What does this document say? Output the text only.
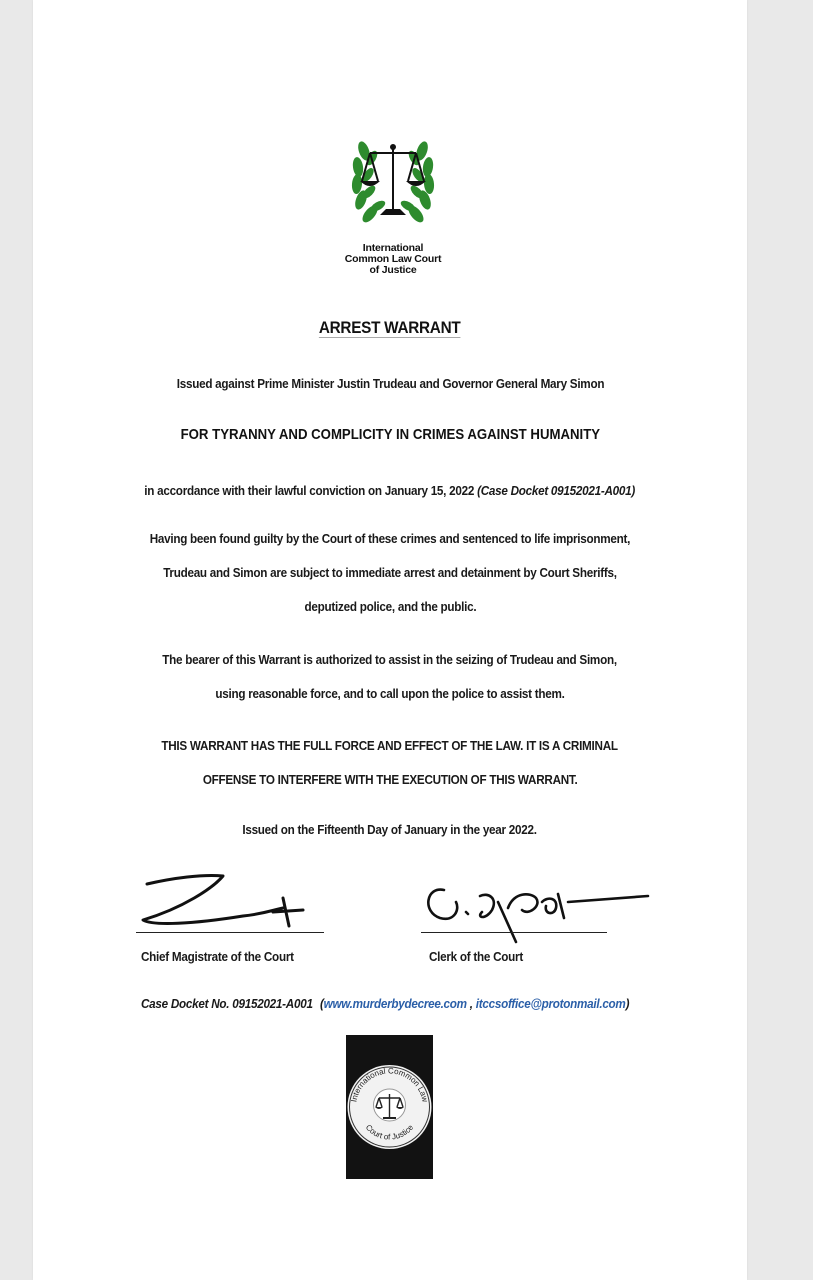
International
Common Law Court
of Justice
ARREST WARRANT
Issued against Prime Minister Justin Trudeau and Governor General Mary Simon
FOR TYRANNY AND COMPLICITY IN CRIMES AGAINST HUMANITY
in accordance with their lawful conviction on January 15, 2022 (Case Docket 09152021-A001)
Having been found guilty by the Court of these crimes and sentenced to life imprisonment,
Trudeau and Simon are subject to immediate arrest and detainment by Court Sheriffs,
deputized police, and the public.
The bearer of this Warrant is authorized to assist in the seizing of Trudeau and Simon,
using reasonable force, and to call upon the police to assist them.
THIS WARRANT HAS THE FULL FORCE AND EFFECT OF THE LAW. IT IS A CRIMINAL
OFFENSE TO INTERFERE WITH THE EXECUTION OF THIS WARRANT.
Issued on the Fifteenth Day of January in the year 2022.
Chief Magistrate of the Court	Clerk of the Court
Case Docket No. 09152021-A001 (www.murderbydecree.com , itccsoffice@protonmail.com)
International Common Law
Court of Justice
